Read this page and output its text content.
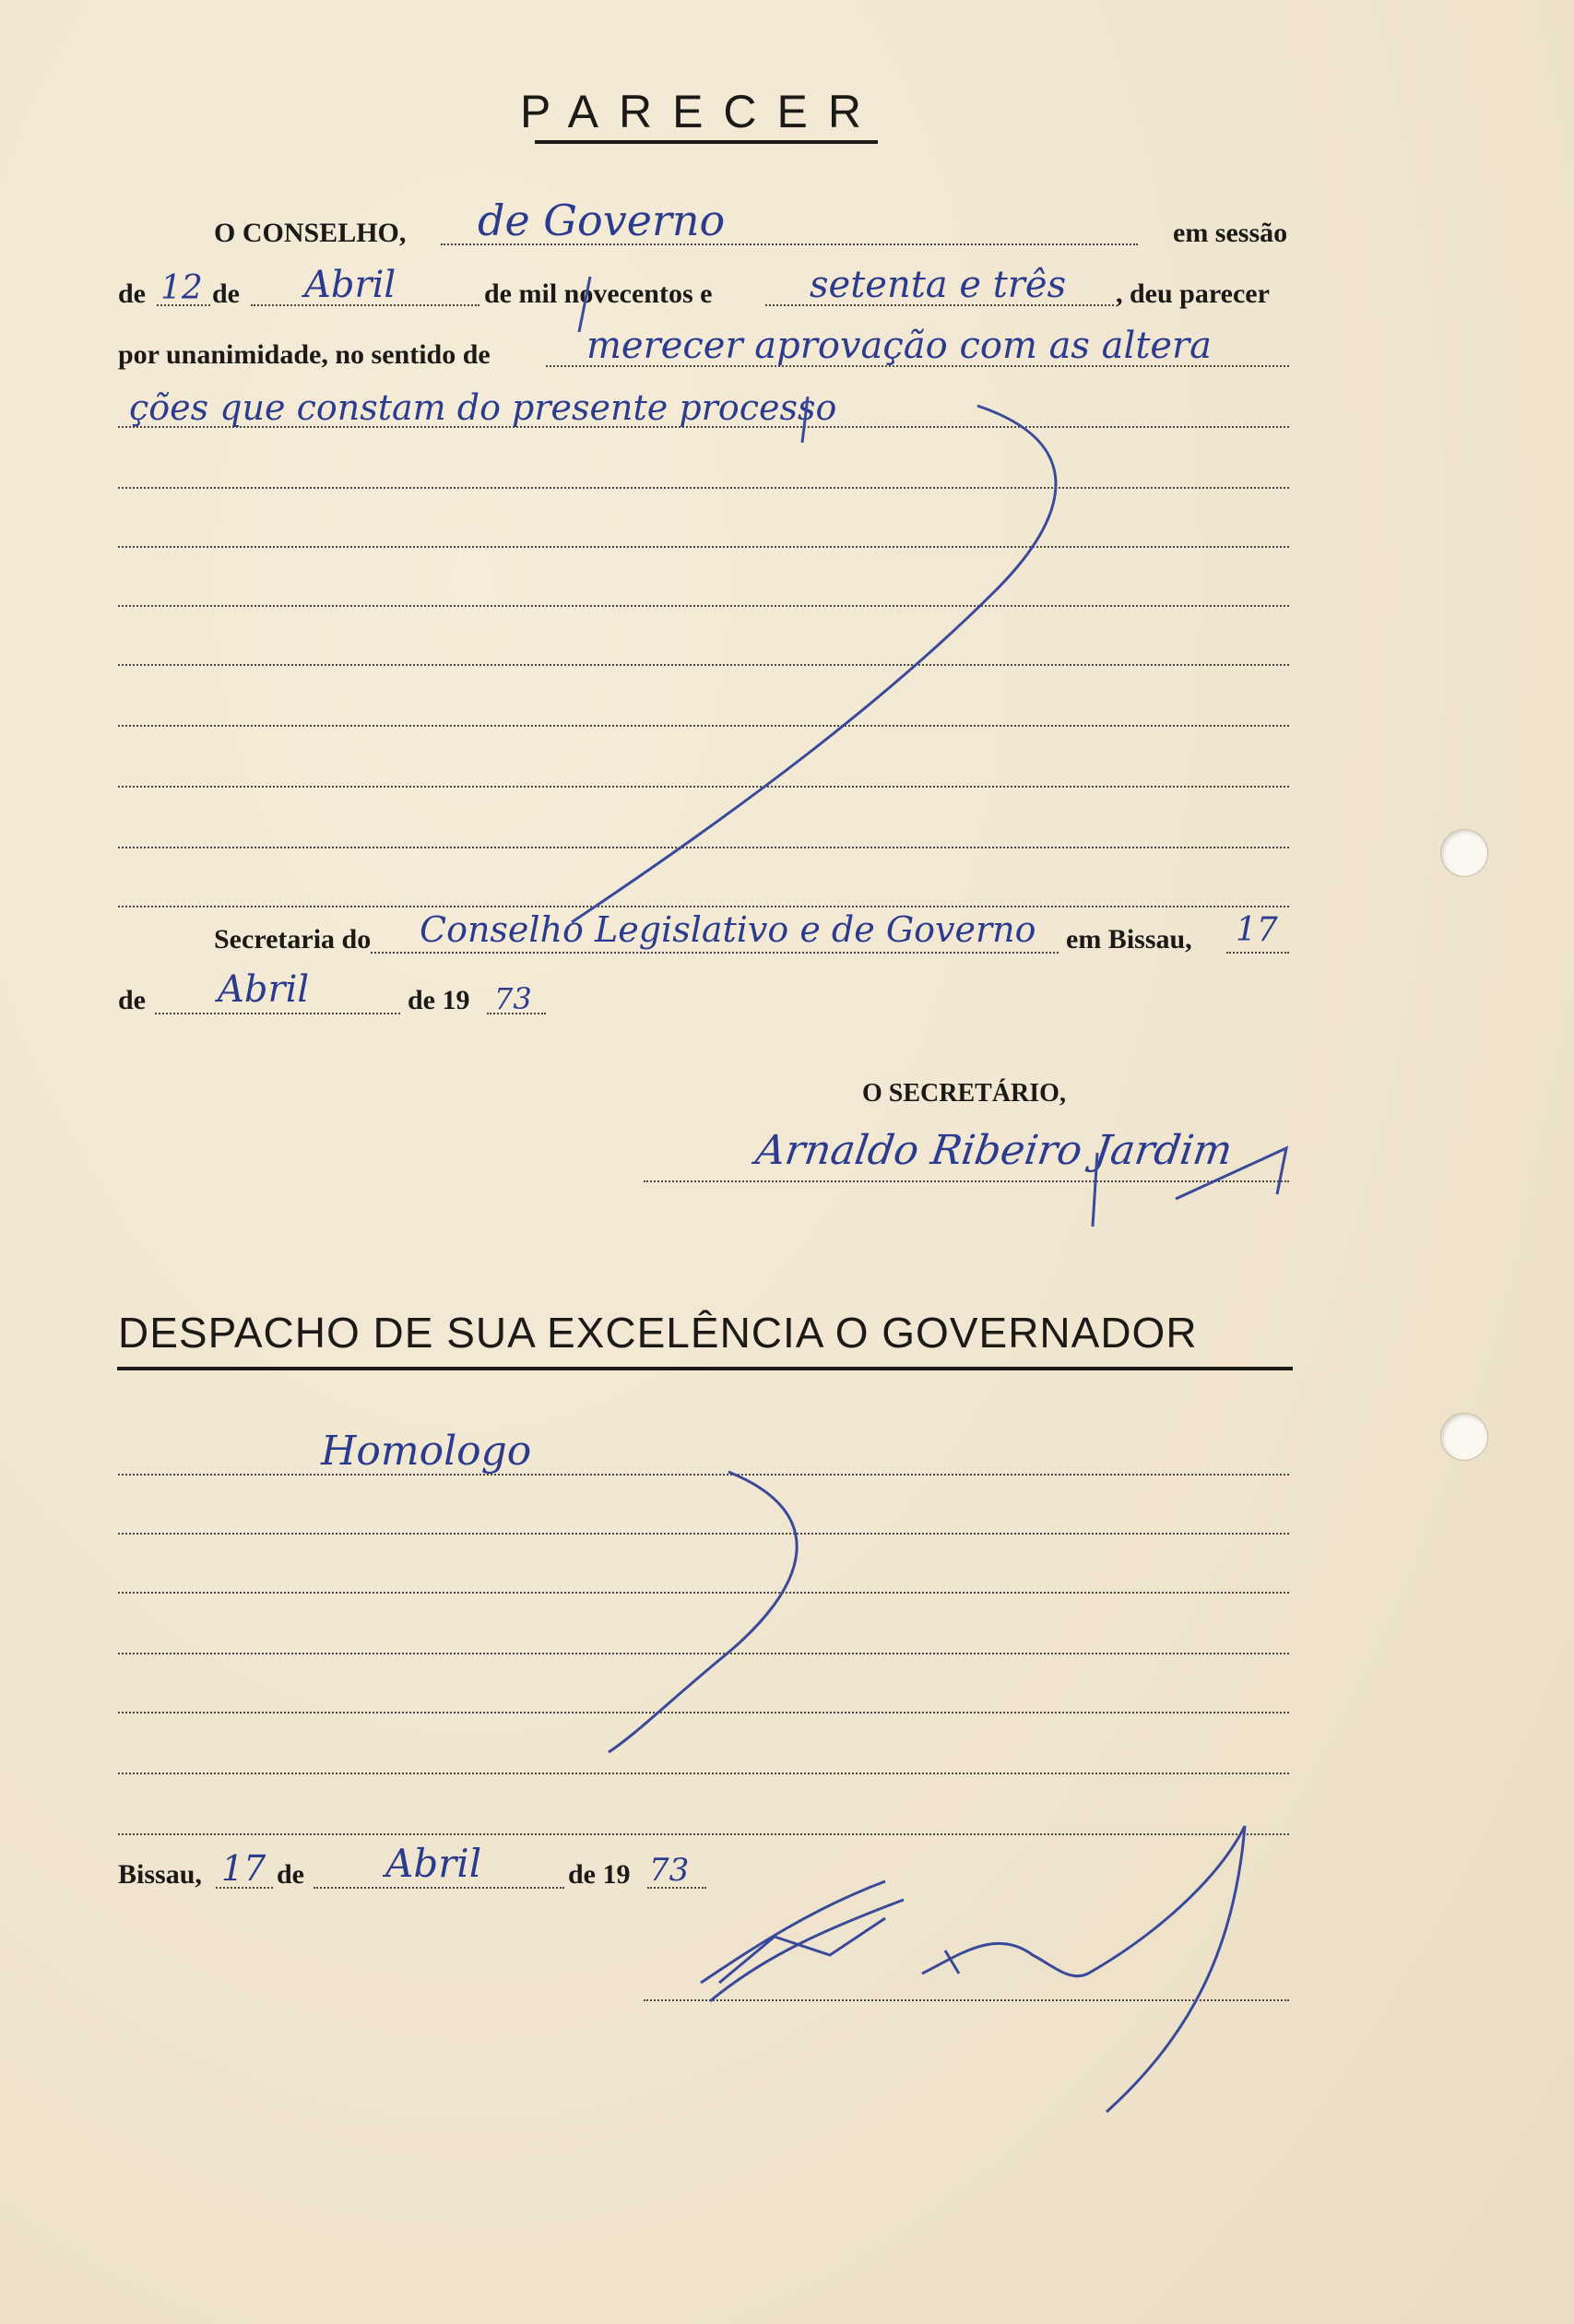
PARECER
O CONSELHO, de Governo	em sessão
de 12 de Abril	de mil novecentos e	setenta e três , deu parecer
por unanimidade, no sentido de	merecer aprovação com as altera
ções que constam do presente processo
Secretaria do Conselho Legislativo e de Governo em Bissau, 17
de Abril	de 19 73
O SECRETÁRIO,
Arnaldo Ribeiro Jardim
DESPACHO DE SUA EXCELÊNCIA O GOVERNADOR
Homologo
Bissau, 17 de Abril	de 19 73
